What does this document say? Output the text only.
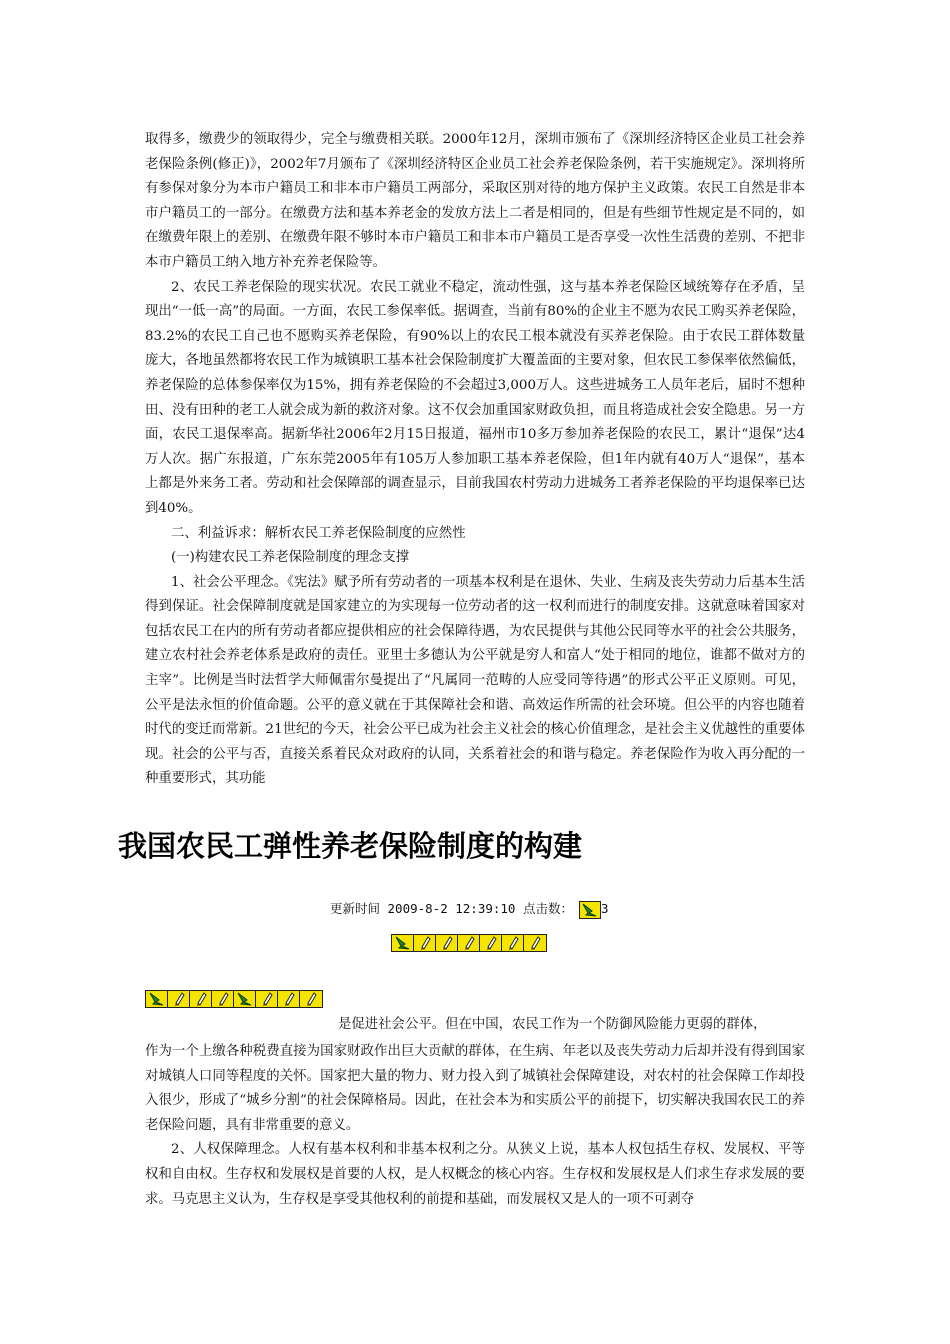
取得多，缴费少的领取得少，完全与缴费相关联。2000年12月，深圳市颁布了《深圳经济特区企业员工社会养老保险条例(修正)》，2002年7月颁布了《深圳经济特区企业员工社会养老保险条例，若干实施规定》。深圳将所有参保对象分为本市户籍员工和非本市户籍员工两部分，采取区别对待的地方保护主义政策。农民工自然是非本市户籍员工的一部分。在缴费方法和基本养老金的发放方法上二者是相同的，但是有些细节性规定是不同的，如在缴费年限上的差别、在缴费年限不够时本市户籍员工和非本市户籍员工是否享受一次性生活费的差别、不把非本市户籍员工纳入地方补充养老保险等。

2、农民工养老保险的现实状况。农民工就业不稳定，流动性强，这与基本养老保险区域统筹存在矛盾，呈现出“一低一高”的局面。一方面，农民工参保率低。据调查，当前有80%的企业主不愿为农民工购买养老保险，83.2%的农民工自己也不愿购买养老保险，有90%以上的农民工根本就没有买养老保险。由于农民工群体数量庞大，各地虽然都将农民工作为城镇职工基本社会保险制度扩大覆盖面的主要对象，但农民工参保率依然偏低，养老保险的总体参保率仅为15%，拥有养老保险的不会超过3,000万人。这些进城务工人员年老后，届时不想种田、没有田种的老工人就会成为新的救济对象。这不仅会加重国家财政负担，而且将造成社会安全隐患。另一方面，农民工退保率高。据新华社2006年2月15日报道，福州市10多万参加养老保险的农民工，累计“退保”达4万人次。据广东报道，广东东莞2005年有105万人参加职工基本养老保险，但1年内就有40万人“退保”，基本上都是外来务工者。劳动和社会保障部的调查显示，目前我国农村劳动力进城务工者养老保险的平均退保率已达到40%。

二、利益诉求：解析农民工养老保险制度的应然性

(一)构建农民工养老保险制度的理念支撑

1、社会公平理念。《宪法》赋予所有劳动者的一项基本权利是在退休、失业、生病及丧失劳动力后基本生活得到保证。社会保障制度就是国家建立的为实现每一位劳动者的这一权利而进行的制度安排。这就意味着国家对包括农民工在内的所有劳动者都应提供相应的社会保障待遇，为农民提供与其他公民同等水平的社会公共服务，建立农村社会养老体系是政府的责任。亚里士多德认为公平就是穷人和富人“处于相同的地位，谁都不做对方的主宰”。比例是当时法哲学大师佩雷尔曼提出了“凡属同一范畴的人应受同等待遇”的形式公平正义原则。可见，公平是法永恒的价值命题。公平的意义就在于其保障社会和谐、高效运作所需的社会环境。但公平的内容也随着时代的变迁而常新。21世纪的今天，社会公平已成为社会主义社会的核心价值理念，是社会主义优越性的重要体现。社会的公平与否，直接关系着民众对政府的认同，关系着社会的和谐与稳定。养老保险作为收入再分配的一种重要形式，其功能

我国农民工弹性养老保险制度的构建
更新时间 2009-8-2 12:39:10 点击数： 3
是促进社会公平。但在中国，农民工作为一个防御风险能力更弱的群体，

作为一个上缴各种税费直接为国家财政作出巨大贡献的群体，在生病、年老以及丧失劳动力后却并没有得到国家对城镇人口同等程度的关怀。国家把大量的物力、财力投入到了城镇社会保障建设，对农村的社会保障工作却投入很少，形成了“城乡分割”的社会保障格局。因此，在社会本为和实质公平的前提下，切实解决我国农民工的养老保险问题，具有非常重要的意义。

2、人权保障理念。人权有基本权利和非基本权利之分。从狭义上说，基本人权包括生存权、发展权、平等权和自由权。生存权和发展权是首要的人权，是人权概念的核心内容。生存权和发展权是人们求生存求发展的要求。马克思主义认为，生存权是享受其他权利的前提和基础，而发展权又是人的一项不可剥夺
